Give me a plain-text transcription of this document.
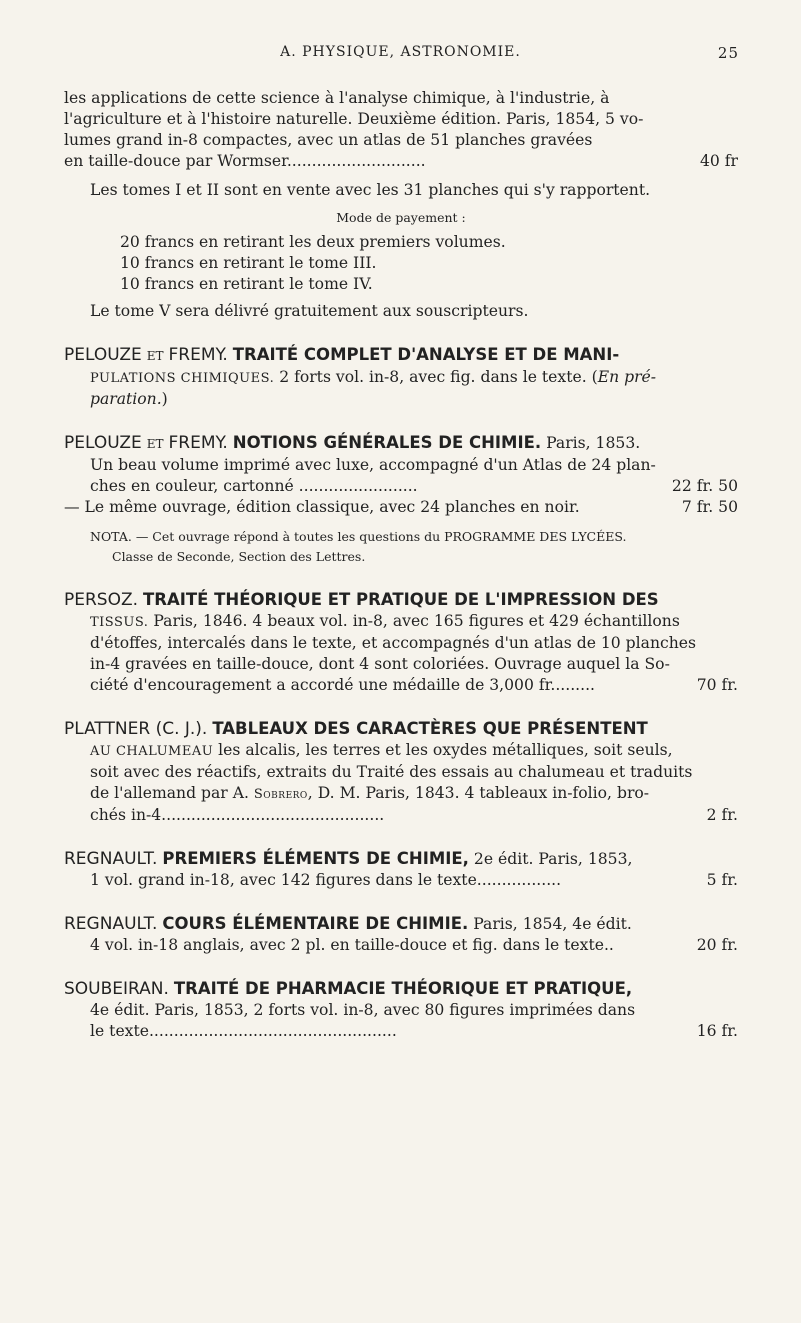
A. PHYSIQUE, ASTRONOMIE.	25

les applications de cette science à l'analyse chimique, à l'industrie, à

l'agriculture et à l'histoire naturelle. Deuxième édition. Paris, 1854, 5 vo-

lumes grand in-8 compactes, avec un atlas de 51 planches gravées

en taille-douce par Wormser............................	40 fr

Les tomes I et II sont en vente avec les 31 planches qui s'y rapportent.

Mode de payement :

20 francs en retirant les deux premiers volumes.

10 francs en retirant le tome III.

10 francs en retirant le tome IV.

Le tome V sera délivré gratuitement aux souscripteurs.

PELOUZE ET FREMY. TRAITÉ COMPLET D'ANALYSE ET DE MANI-

PULATIONS CHIMIQUES. 2 forts vol. in-8, avec fig. dans le texte. (En pré-

paration.)

PELOUZE ET FREMY. NOTIONS GÉNÉRALES DE CHIMIE. Paris, 1853.

Un beau volume imprimé avec luxe, accompagné d'un Atlas de 24 plan-

ches en couleur, cartonné ........................	22 fr. 50

— Le même ouvrage, édition classique, avec 24 planches en noir.	7 fr. 50

NOTA. — Cet ouvrage répond à toutes les questions du PROGRAMME DES LYCÉES.

Classe de Seconde, Section des Lettres.

PERSOZ. TRAITÉ THÉORIQUE ET PRATIQUE DE L'IMPRESSION DES

TISSUS. Paris, 1846. 4 beaux vol. in-8, avec 165 figures et 429 échantillons

d'étoffes, intercalés dans le texte, et accompagnés d'un atlas de 10 planches

in-4 gravées en taille-douce, dont 4 sont coloriées. Ouvrage auquel la So-

ciété d'encouragement a accordé une médaille de 3,000 fr.........	70 fr.

PLATTNER (C. J.). TABLEAUX DES CARACTÈRES QUE PRÉSENTENT

AU CHALUMEAU les alcalis, les terres et les oxydes métalliques, soit seuls,

soit avec des réactifs, extraits du Traité des essais au chalumeau et traduits

de l'allemand par A. Sobrero, D. M. Paris, 1843. 4 tableaux in-folio, bro-

chés in-4.............................................	2 fr.

REGNAULT. PREMIERS ÉLÉMENTS DE CHIMIE, 2e édit. Paris, 1853,

1 vol. grand in-18, avec 142 figures dans le texte.................	5 fr.

REGNAULT. COURS ÉLÉMENTAIRE DE CHIMIE. Paris, 1854, 4e édit.

4 vol. in-18 anglais, avec 2 pl. en taille-douce et fig. dans le texte..	20 fr.

SOUBEIRAN. TRAITÉ DE PHARMACIE THÉORIQUE ET PRATIQUE,

4e édit. Paris, 1853, 2 forts vol. in-8, avec 80 figures imprimées dans

le texte..................................................	16 fr.
